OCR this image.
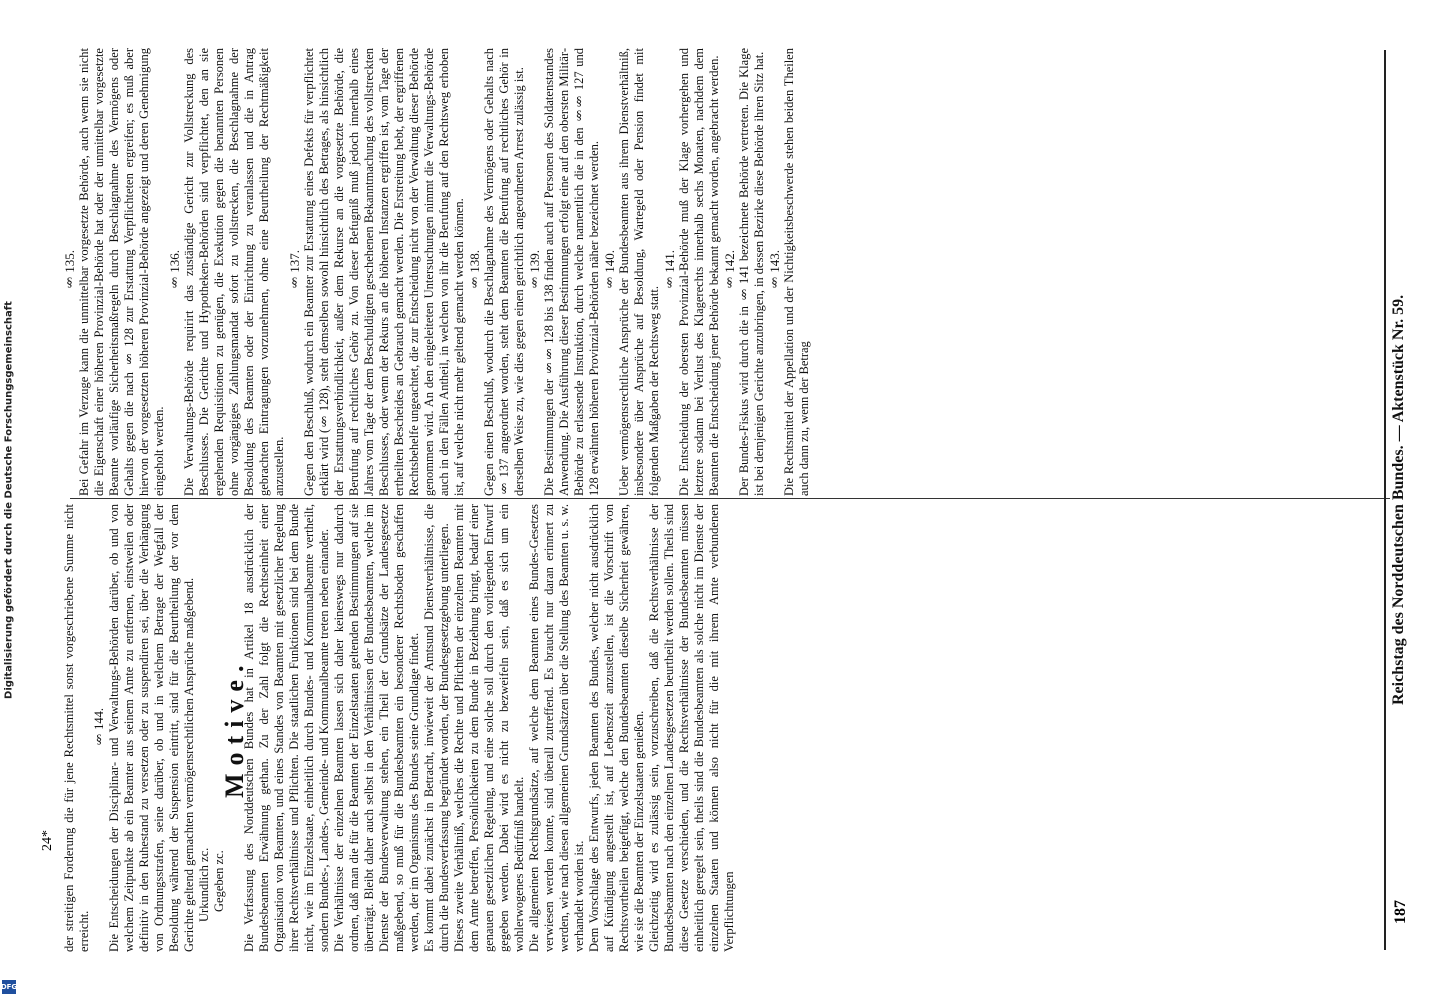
Digitalisierung gefördert durch die Deutsche Forschungsgemeinschaft
DFG
§ 135. Bei Gefahr im Verzuge kann die unmittelbar vorgesetzte Behörde, auch wenn sie nicht die Eigenschaft einer höheren Provinzial-Behörde hat oder der unmittelbar vorgesetzte Beamte vorläufige Sicherheitsmaßregeln durch Beschlagnahme des Vermögens oder Gehalts gegen die nach § 128 zur Erstattung Verpflichteten ergreifen; es muß aber hiervon der vorgesetzten höheren Provinzial-Behörde angezeigt und deren Genehmigung eingeholt werden.
§ 136. Die Verwaltungs-Behörde requirirt das zuständige Gericht zur Vollstreckung des Beschlusses. Die Gerichte und Hypotheken-Behörden sind verpflichtet, den an sie ergehenden Requisitionen zu genügen, die Exekution gegen die benannten Personen ohne vorgängiges Zahlungsmandat sofort zu vollstrecken, die Beschlagnahme der Besoldung des Beamten oder der Einrichtung zu veranlassen und die in Antrag gebrachten Eintragungen vorzunehmen, ohne eine Beurtheilung der Rechtmäßigkeit anzustellen.
§ 137. Gegen den Beschluß, wodurch ein Beamter zur Erstattung eines Defekts für verpflichtet erklärt wird (§ 128), steht demselben sowohl hinsichtlich des Betrages, als hinsichtlich der Erstattungsverbindlichkeit, außer dem Rekurse an die vorgesetzte Behörde, die Berufung auf rechtliches Gehör zu. Von dieser Befugniß muß jedoch innerhalb eines Jahres vom Tage der dem Beschuldigten geschehenen Bekanntmachung des vollstreckten Beschlusses, oder wenn der Rekurs an die höheren Instanzen ergriffen ist, vom Tage der ertheilten Bescheides an Gebrauch gemacht werden. Die Erstreitung hebt, der ergriffenen Rechtsbehelfe ungeachtet, die zur Entscheidung nicht von der Verwaltung dieser Behörde genommen wird. An den eingeleiteten Untersuchungen nimmt die Verwaltungs-Behörde auch in den Fällen Antheil, in welchen von ihr die Berufung auf den Rechtsweg erhoben ist, auf welche nicht mehr geltend gemacht werden können. § 138. Gegen einen Beschluß, wodurch die Beschlagnahme des Vermögens oder Gehalts nach § 137 angeordnet worden, steht dem Beamten die Berufung auf rechtliches Gehör in derselben Weise zu, wie dies gegen einen gerichtlich angeordneten Arrest zulässig ist. § 139. Die Bestimmungen der §§ 128 bis 138 finden auch auf Personen des Soldatenstandes Anwendung. Die Ausführung dieser Bestimmungen erfolgt eine auf den obersten Militär-Behörde zu erlassende Instruktion, durch welche namentlich die in den §§ 127 und 128 erwähnten höheren Provinzial-Behörden näher bezeichnet werden. § 140. Ueber vermögensrechtliche Ansprüche der Bundesbeamten aus ihrem Dienstverhältniß, insbesondere über Ansprüche auf Besoldung, Wartegeld oder Pension findet mit folgenden Maßgaben der Rechtsweg statt.
§ 141. Die Entscheidung der obersten Provinzial-Behörde muß der Klage vorhergehen und letztere sodann bei Verlust des Klagerechts innerhalb sechs Monaten, nachdem dem Beamten die Entscheidung jener Behörde bekannt gemacht worden, angebracht werden. § 142. Der Bundes-Fiskus wird durch die in § 141 bezeichnete Behörde vertreten. Die Klage ist bei demjenigen Gerichte anzubringen, in dessen Bezirke diese Behörde ihren Sitz hat. § 143. Die Rechtsmittel der Appellation und der Nichtigkeitsbeschwerde stehen beiden Theilen auch dann zu, wenn der Betrag
der streitigen Forderung die für jene Rechtsmittel sonst vorgeschriebene Summe nicht erreicht.
§ 144. Die Entscheidungen der Disciplinar- und Verwaltungs-Behörden darüber, ob und von welchem Zeitpunkte ab ein Beamter aus seinem Amte zu entfernen, einstweilen oder definitiv in den Ruhestand zu versetzen oder zu suspendiren sei, über die Verhängung von Ordnungsstrafen, seine darüber, ob und in welchem Betrage der Wegfall der Besoldung während der Suspension eintritt, sind für die Beurtheilung der vor dem Gerichte geltend gemachten vermögensrechtlichen Ansprüche maßgebend. Urkundlich zc. Gegeben zc.
Motive.
Die Verfassung des Norddeutschen Bundes hat in Artikel 18 ausdrücklich der Bundesbeamten Erwähnung gethan. Zu der Zahl folgt die Rechtseinheit einer Organisation von Beamten, und eines Standes von Beamten mit gesetzlicher Regelung ihrer Rechtsverhältnisse und Pflichten. Die staatlichen Funktionen sind bei dem Bunde nicht, wie im Einzelstaate, einheitlich durch Bundes- und Kommunalbeamte vertheilt, sondern Bundes-, Landes-, Gemeinde- und Kommunalbeamte treten neben einander. Die Verhältnisse der einzelnen Beamten lassen sich daher keineswegs nur dadurch ordnen, daß man die für die Beamten der Einzelstaaten geltenden Bestimmungen auf sie überträgt. Bleibt daher auch selbst in den Verhältnissen der Bundesbeamten, welche im Dienste der Bundesverwaltung stehen, ein Theil der Grundsätze der Landesgesetze maßgebend, so muß für die Bundesbeamten ein besonderer Rechtsboden geschaffen werden, der im Organismus des Bundes seine Grundlage findet. Es kommt dabei zunächst in Betracht, inwieweit der Amtsund Dienstverhältnisse, die durch die Bundesverfassung begründet worden, der Bundesgesetzgebung unterliegen. Dieses zweite Verhältniß, welches die Rechte und Pflichten der einzelnen Beamten mit dem Amte betreffen, Persönlichkeiten zu dem Bunde in Beziehung bringt, bedarf einer genauen gesetzlichen Regelung, und eine solche soll durch den vorliegenden Entwurf gegeben werden. Dabei wird es nicht zu bezweifeln sein, daß es sich um ein wohlerwogenes Bedürfniß handelt. Die allgemeinen Rechtsgrundsätze, auf welche dem Beamten eines Bundes-Gesetzes verwiesen werden konnte, sind überall zutreffend. Es braucht nur daran erinnert zu werden, wie nach diesen allgemeinen Grundsätzen über die Stellung des Beamten u. s. w. verhandelt worden ist. Dem Vorschlage des Entwurfs, jeden Beamten des Bundes, welcher nicht ausdrücklich auf Kündigung angestellt ist, auf Lebenszeit anzustellen, ist die Vorschrift von Rechtsvortheilen beigefügt, welche den Bundesbeamten dieselbe Sicherheit gewähren, wie sie die Beamten der Einzelstaaten genießen. Gleichzeitig wird es zulässig sein, vorzuschreiben, daß die Rechtsverhältnisse der Bundesbeamten nach den einzelnen Landesgesetzen beurtheilt werden sollen. Theils sind diese Gesetze verschieden, und die Rechtsverhältnisse der Bundesbeamten müssen einheitlich geregelt sein, theils sind die Bundesbeamten als solche nicht im Dienste der einzelnen Staaten und können also nicht für die mit ihrem Amte verbundenen Verpflichtungen
Reichstag des Norddeutschen Bundes. — Aktenstück Nr. 59.
187
24*
